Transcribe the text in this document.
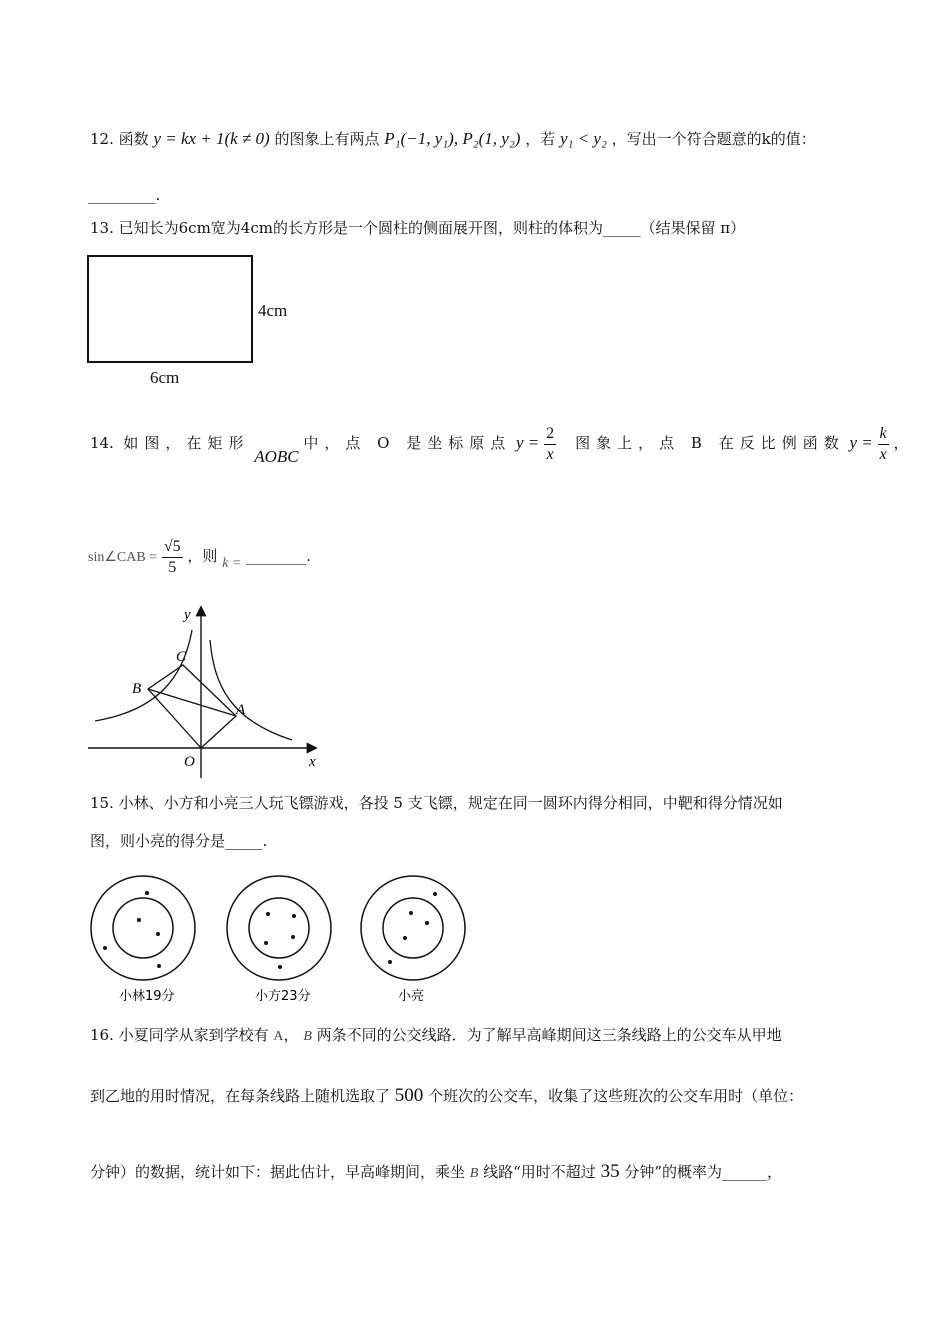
12. 函数 y = kx + 1(k ≠ 0) 的图象上有两点 P₁(−1, y₁), P₂(1, y₂) ，若 y₁ < y₂ ，写出一个符合题意的k的值：
_________.
13. 已知长为6cm宽为4cm的长方形是一个圆柱的侧面展开图，则柱的体积为_____（结果保留 π）
4cm
6cm
14. 如图，在矩形 AOBC 中，点 O 是坐标原点 $y = \frac{2}{x}$ 图象上，点 B 在反比例函数 $y = \frac{k}{x}$ ，
sin∠CAB = $\frac{√5}{5}$ ，则 k = ________.
y
x
O
A
B
C
15. 小林、小方和小亮三人玩飞镖游戏，各投 5 支飞镖，规定在同一圆环内得分相同，中靶和得分情况如
图，则小亮的得分是_____.
小林19分	小方23分	小亮
16. 小夏同学从家到学校有 A， B 两条不同的公交线路．为了解早高峰期间这三条线路上的公交车从甲地
到乙地的用时情况，在每条线路上随机选取了 500 个班次的公交车，收集了这些班次的公交车用时（单位：
分钟）的数据，统计如下：据此估计，早高峰期间，乘坐 B 线路“用时不超过 35 分钟”的概率为______，
